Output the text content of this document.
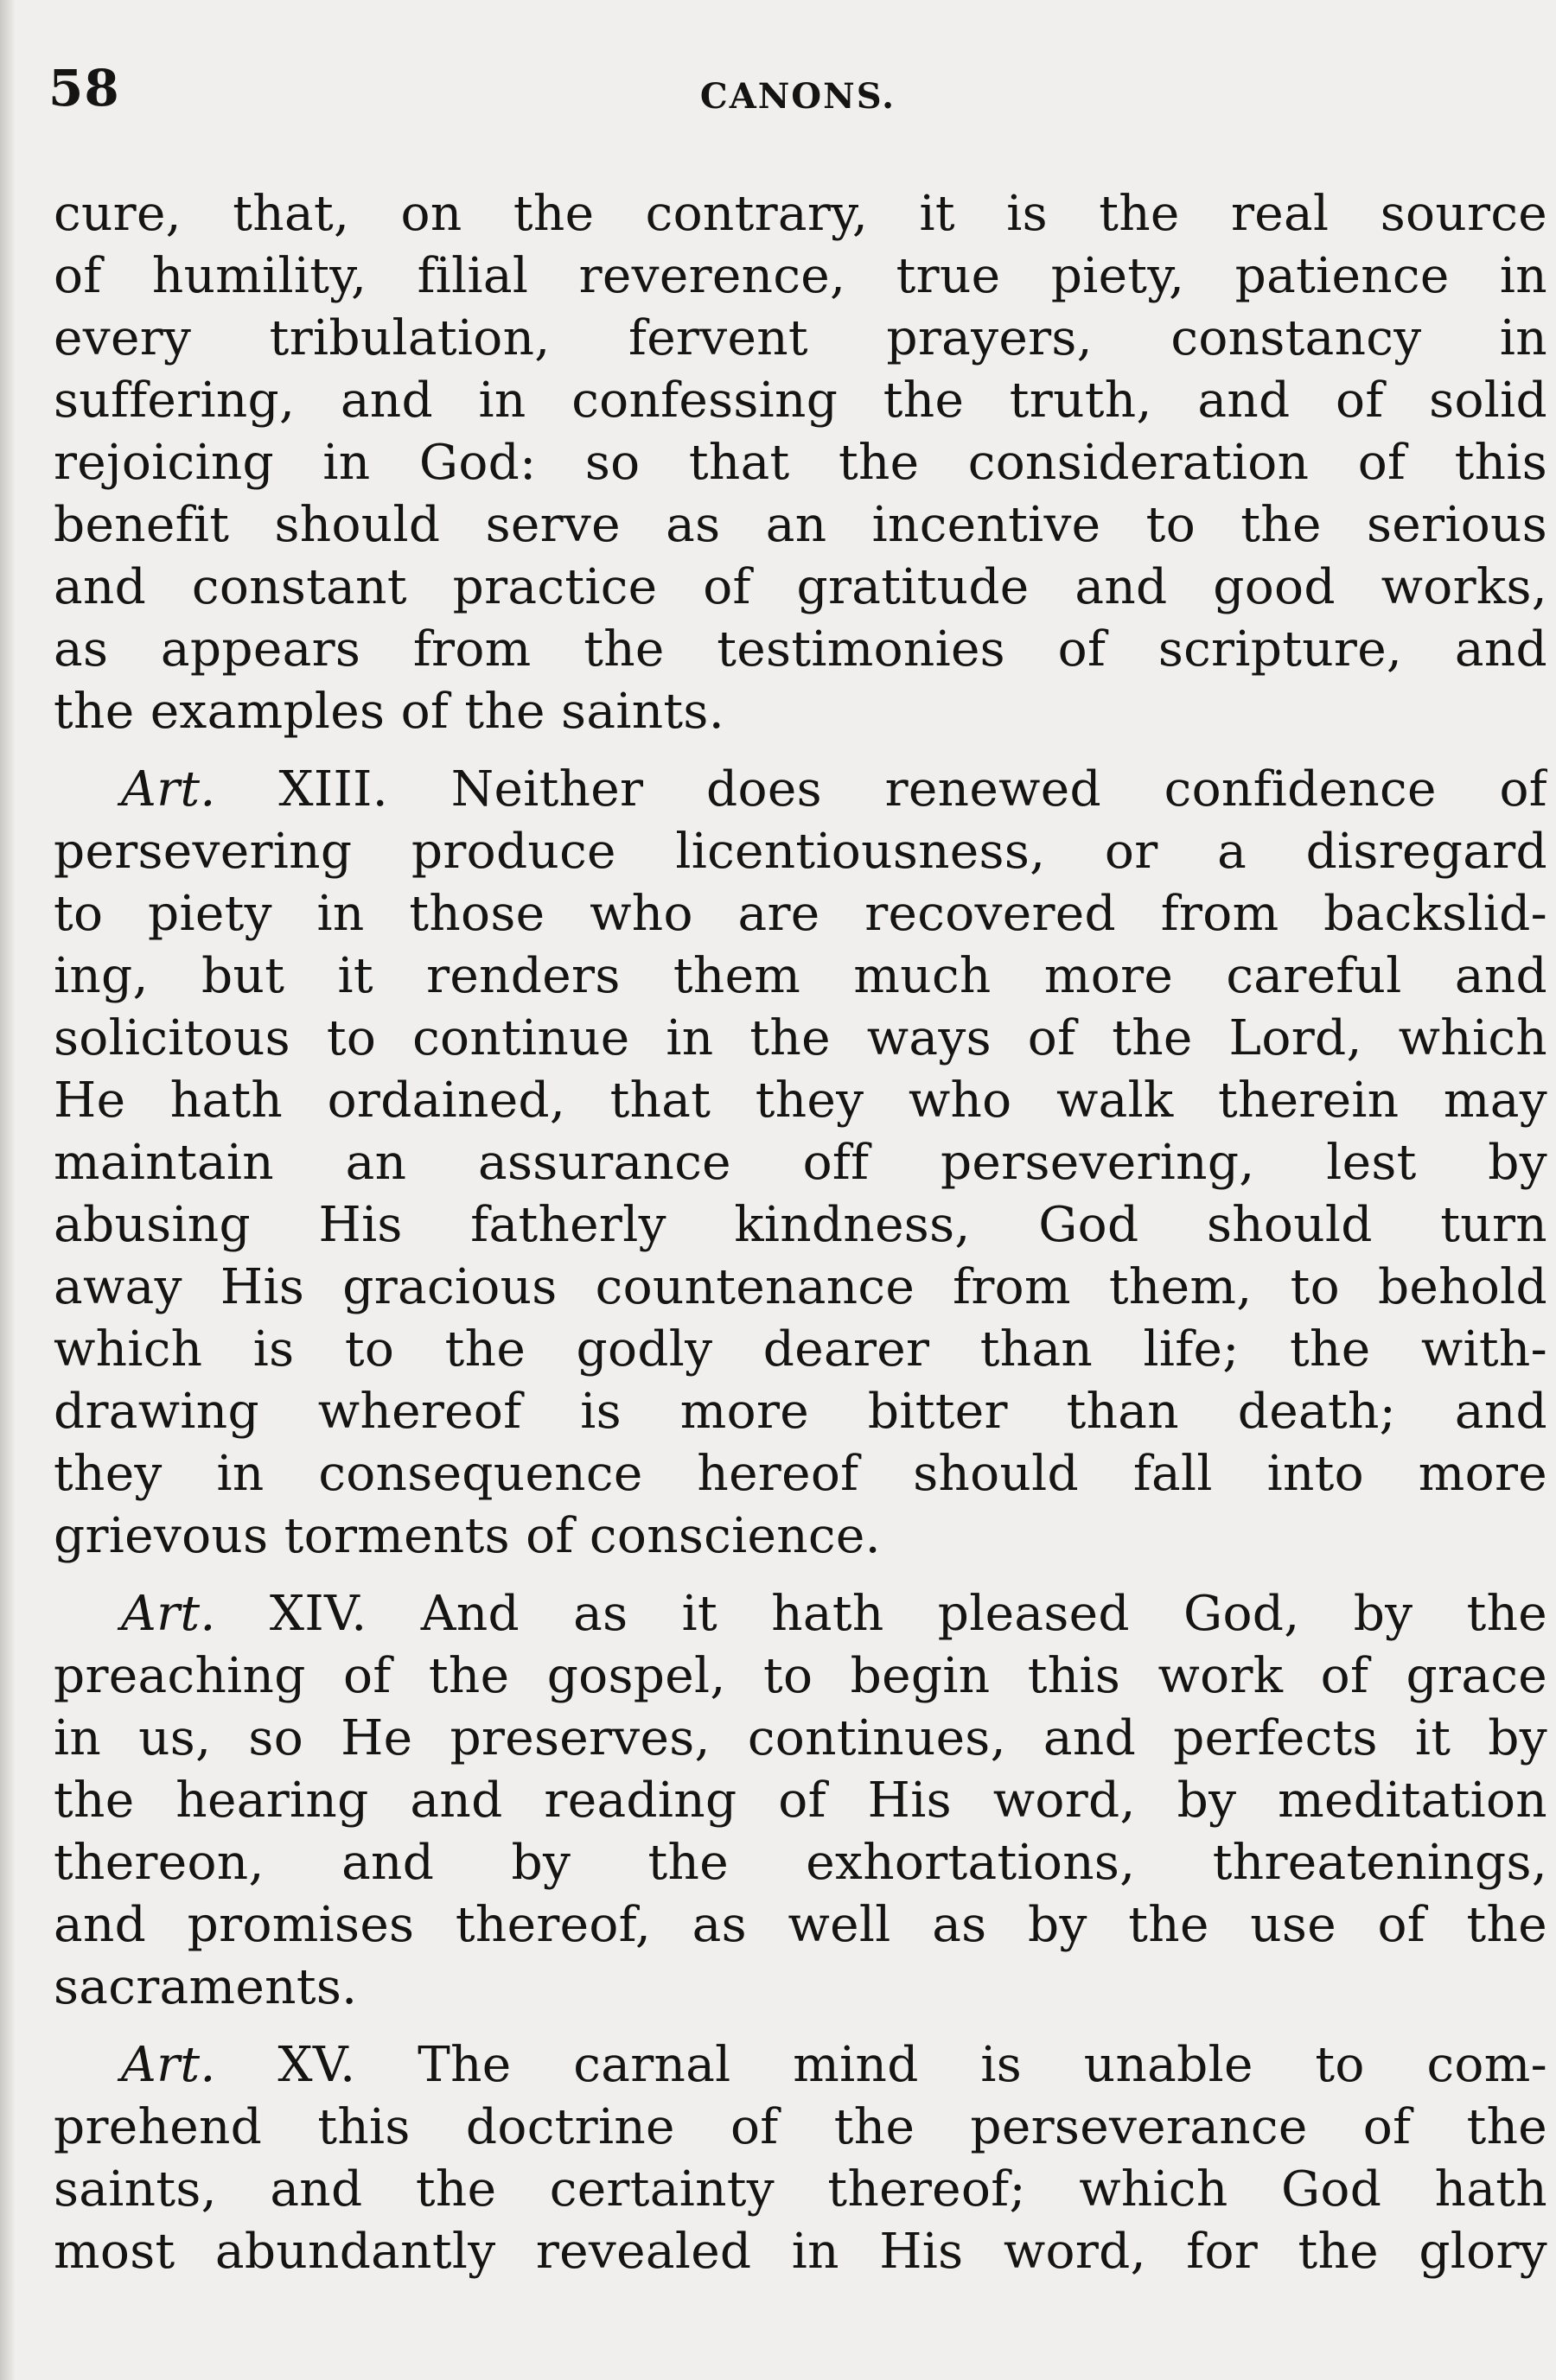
58	CANONS.

cure, that, on the contrary, it is the real source
of humility, filial reverence, true piety, patience in
every tribulation, fervent prayers, constancy in
suffering, and in confessing the truth, and of solid
rejoicing in God: so that the consideration of this
benefit should serve as an incentive to the serious
and constant practice of gratitude and good works,
as appears from the testimonies of scripture, and
the examples of the saints.

Art. XIII. Neither does renewed confidence of
persevering produce licentiousness, or a disregard
to piety in those who are recovered from backslid-
ing, but it renders them much more careful and
solicitous to continue in the ways of the Lord, which
He hath ordained, that they who walk therein may
maintain an assurance off persevering, lest by
abusing His fatherly kindness, God should turn
away His gracious countenance from them, to behold
which is to the godly dearer than life; the with-
drawing whereof is more bitter than death; and
they in consequence hereof should fall into more
grievous torments of conscience.

Art. XIV. And as it hath pleased God, by the
preaching of the gospel, to begin this work of grace
in us, so He preserves, continues, and perfects it by
the hearing and reading of His word, by meditation
thereon, and by the exhortations, threatenings,
and promises thereof, as well as by the use of the
sacraments.

Art. XV. The carnal mind is unable to com-
prehend this doctrine of the perseverance of the
saints, and the certainty thereof; which God hath
most abundantly revealed in His word, for the glory
